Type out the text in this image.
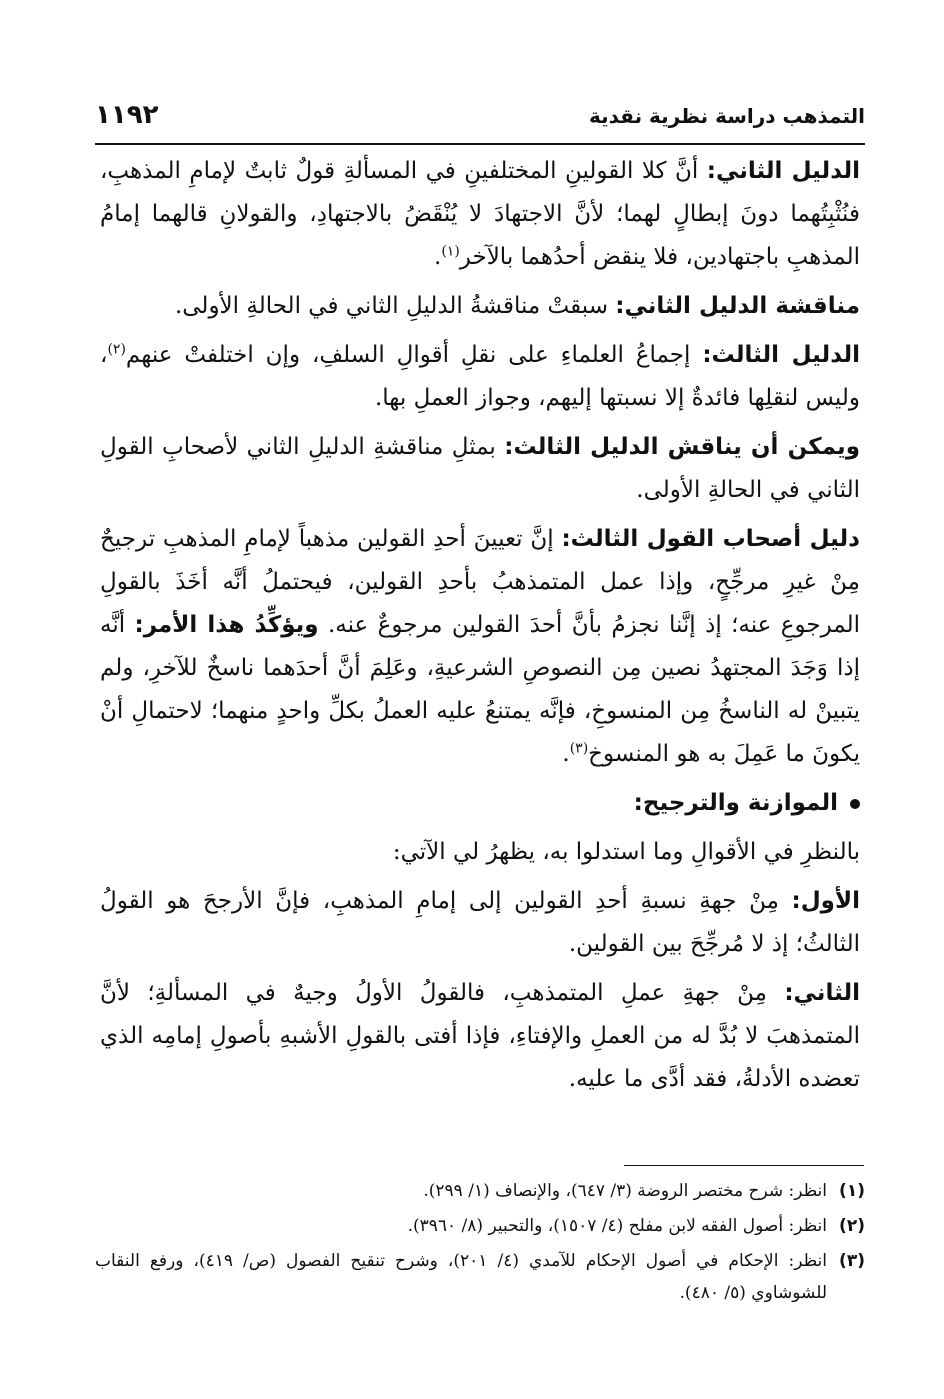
١١٩٢	التمذهب دراسة نظرية نقدية

الدليل الثاني: أنَّ كلا القولينِ المختلفينِ في المسألةِ قولٌ ثابتٌ لإمامِ المذهبِ، فنُثْبِتُهما دونَ إبطالٍ لهما؛ لأنَّ الاجتهادَ لا يُنْقَضُ بالاجتهادِ، والقولانِ قالهما إمامُ المذهبِ باجتهادين، فلا ينقض أحدُهما بالآخر$^{(١)}$.

مناقشة الدليل الثاني: سبقتْ مناقشةُ الدليلِ الثاني في الحالةِ الأولى.

الدليل الثالث: إجماعُ العلماءِ على نقلِ أقوالِ السلفِ، وإن اختلفتْ عنهم$^{(٢)}$، وليس لنقلِها فائدةٌ إلا نسبتها إليهم، وجواز العملِ بها.

ويمكن أن يناقش الدليل الثالث: بمثلِ مناقشةِ الدليلِ الثاني لأصحابِ القولِ الثاني في الحالةِ الأولى.

دليل أصحاب القول الثالث: إنَّ تعيينَ أحدِ القولين مذهباً لإمامِ المذهبِ ترجيحٌ مِنْ غيرِ مرجِّحٍ، وإذا عمل المتمذهبُ بأحدِ القولين، فيحتملُ أنَّه أخَذَ بالقولِ المرجوعِ عنه؛ إذ إنَّنا نجزمُ بأنَّ أحدَ القولين مرجوعٌ عنه. ويؤكِّدُ هذا الأمر: أنَّه إذا وَجَدَ المجتهدُ نصين مِن النصوصِ الشرعيةِ، وعَلِمَ أنَّ أحدَهما ناسخٌ للآخرِ، ولم يتبينْ له الناسخُ مِن المنسوخِ، فإنَّه يمتنعُ عليه العملُ بكلِّ واحدٍ منهما؛ لاحتمالِ أنْ يكونَ ما عَمِلَ به هو المنسوخ$^{(٣)}$.

الموازنة والترجيح:

بالنظرِ في الأقوالِ وما استدلوا به، يظهرُ لي الآتي:

الأول: مِنْ جهةِ نسبةِ أحدِ القولين إلى إمامِ المذهبِ، فإنَّ الأرجحَ هو القولُ الثالثُ؛ إذ لا مُرجِّحَ بين القولين.

الثاني: مِنْ جهةِ عملِ المتمذهبِ، فالقولُ الأولُ وجيهٌ في المسألةِ؛ لأنَّ المتمذهبَ لا بُدَّ له من العملِ والإفتاءِ، فإذا أفتى بالقولِ الأشبهِ بأصولِ إمامِه الذي تعضده الأدلةُ، فقد أدَّى ما عليه.

(١)
انظر: شرح مختصر الروضة (٣/ ٦٤٧)، والإنصاف (١/ ٢٩٩).
(٢)
انظر: أصول الفقه لابن مفلح (٤/ ١٥٠٧)، والتحبير (٨/ ٣٩٦٠).
(٣)
انظر: الإحكام في أصول الإحكام للآمدي (٤/ ٢٠١)، وشرح تنقيح الفصول (ص/ ٤١٩)، ورفع النقاب للشوشاوي (٥/ ٤٨٠).
